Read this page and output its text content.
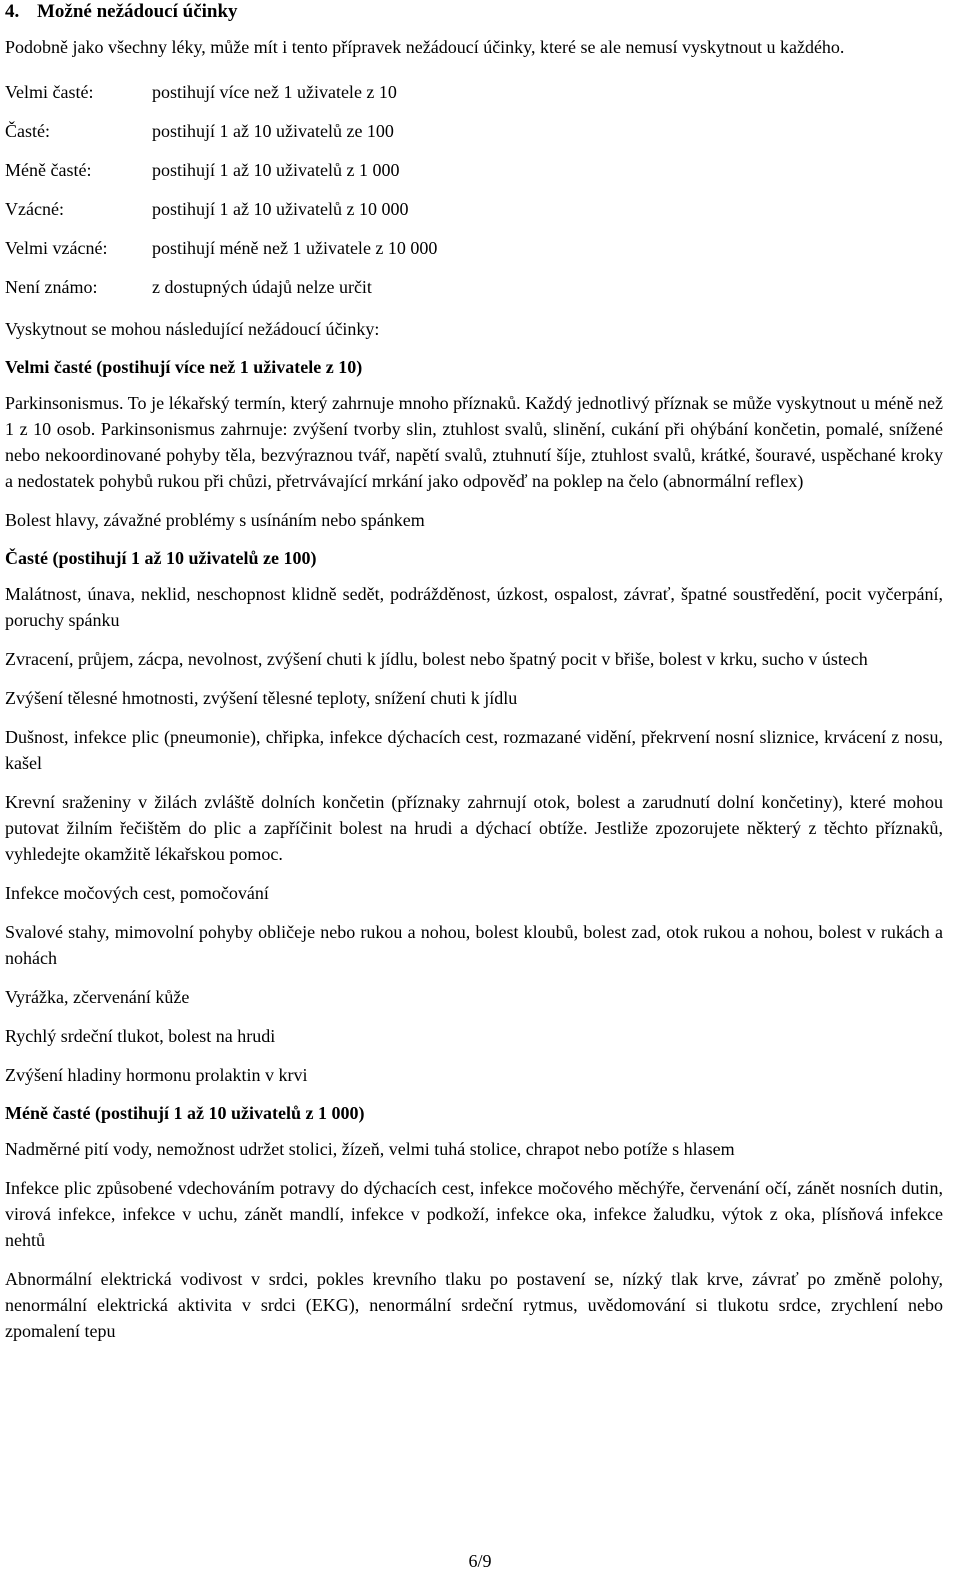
4. Možné nežádoucí účinky

Podobně jako všechny léky, může mít i tento přípravek nežádoucí účinky, které se ale nemusí vyskytnout u každého.

Velmi časté:	postihují více než 1 uživatele z 10
Časté:	postihují 1 až 10 uživatelů ze 100
Méně časté:	postihují 1 až 10 uživatelů z 1 000
Vzácné:	postihují 1 až 10 uživatelů z 10 000
Velmi vzácné:	postihují méně než 1 uživatele z 10 000
Není známo:	z dostupných údajů nelze určit

Vyskytnout se mohou následující nežádoucí účinky:

Velmi časté (postihují více než 1 uživatele z 10)

Parkinsonismus. To je lékařský termín, který zahrnuje mnoho příznaků. Každý jednotlivý příznak se může vyskytnout u méně než 1 z 10 osob. Parkinsonismus zahrnuje: zvýšení tvorby slin, ztuhlost svalů, slinění, cukání při ohýbání končetin, pomalé, snížené nebo nekoordinované pohyby těla, bezvýraznou tvář, napětí svalů, ztuhnutí šíje, ztuhlost svalů, krátké, šouravé, uspěchané kroky a nedostatek pohybů rukou při chůzi, přetrvávající mrkání jako odpověď na poklep na čelo (abnormální reflex)

Bolest hlavy, závažné problémy s usínáním nebo spánkem

Časté (postihují 1 až 10 uživatelů ze 100)

Malátnost, únava, neklid, neschopnost klidně sedět, podrážděnost, úzkost, ospalost, závrať, špatné soustředění, pocit vyčerpání, poruchy spánku

Zvracení, průjem, zácpa, nevolnost, zvýšení chuti k jídlu, bolest nebo špatný pocit v břiše, bolest v krku, sucho v ústech

Zvýšení tělesné hmotnosti, zvýšení tělesné teploty, snížení chuti k jídlu

Dušnost, infekce plic (pneumonie), chřipka, infekce dýchacích cest, rozmazané vidění, překrvení nosní sliznice, krvácení z nosu, kašel

Krevní sraženiny v žilách zvláště dolních končetin (příznaky zahrnují otok, bolest a zarudnutí dolní končetiny), které mohou putovat žilním řečištěm do plic a zapříčinit bolest na hrudi a dýchací obtíže. Jestliže zpozorujete některý z těchto příznaků, vyhledejte okamžitě lékařskou pomoc.

Infekce močových cest, pomočování

Svalové stahy, mimovolní pohyby obličeje nebo rukou a nohou, bolest kloubů, bolest zad, otok rukou a nohou, bolest v rukách a nohách

Vyrážka, zčervenání kůže

Rychlý srdeční tlukot, bolest na hrudi

Zvýšení hladiny hormonu prolaktin v krvi

Méně časté (postihují 1 až 10 uživatelů z 1 000)

Nadměrné pití vody, nemožnost udržet stolici, žízeň, velmi tuhá stolice, chrapot nebo potíže s hlasem

Infekce plic způsobené vdechováním potravy do dýchacích cest, infekce močového měchýře, červenání očí, zánět nosních dutin, virová infekce, infekce v uchu, zánět mandlí, infekce v podkoží, infekce oka, infekce žaludku, výtok z oka, plísňová infekce nehtů

Abnormální elektrická vodivost v srdci, pokles krevního tlaku po postavení se, nízký tlak krve, závrať po změně polohy, nenormální elektrická aktivita v srdci (EKG), nenormální srdeční rytmus, uvědomování si tlukotu srdce, zrychlení nebo zpomalení tepu

6/9
